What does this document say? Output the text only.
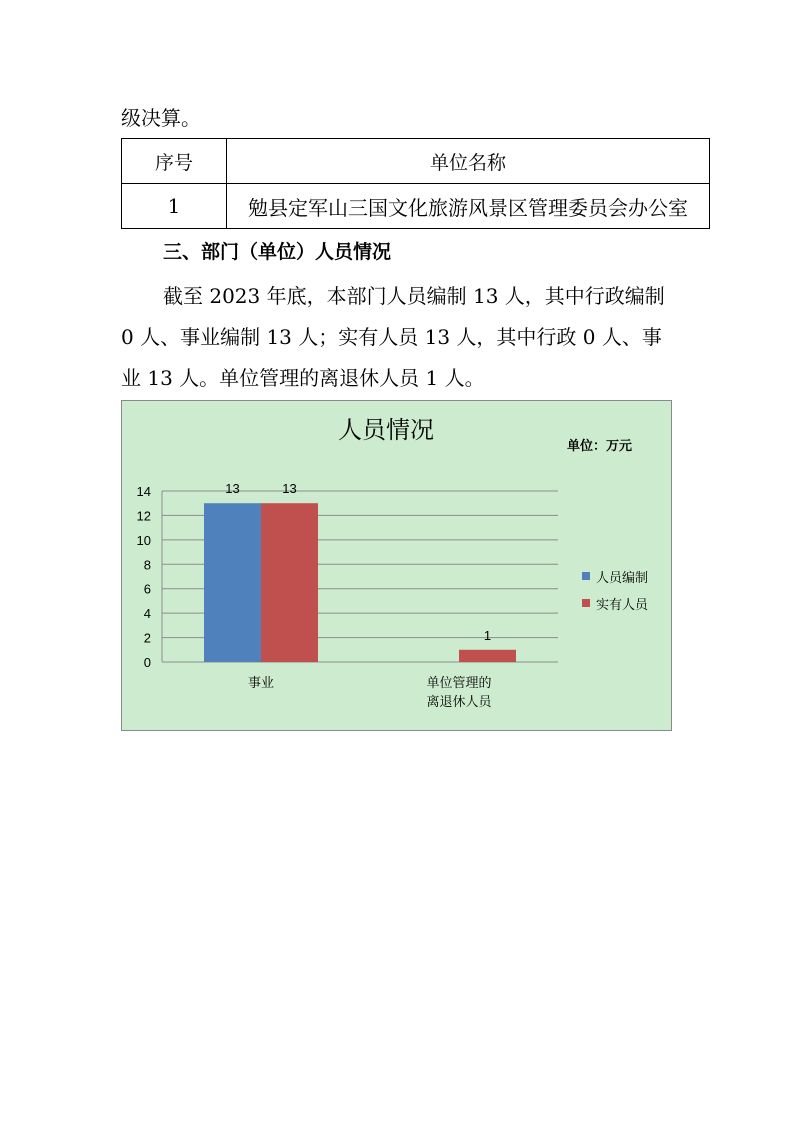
级决算。
序号	单位名称
1	勉县定军山三国文化旅游风景区管理委员会办公室
三、部门（单位）人员情况
截至 2023 年底，本部门人员编制 13 人，其中行政编制
0 人、事业编制 13 人；实有人员 13 人，其中行政 0 人、事
业 13 人。单位管理的离退休人员 1 人。
人员情况
单位：万元
0
2
4
6
8
10
12
14	13	13
事业
1
单位管理的
离退休人员
人员编制
实有人员
